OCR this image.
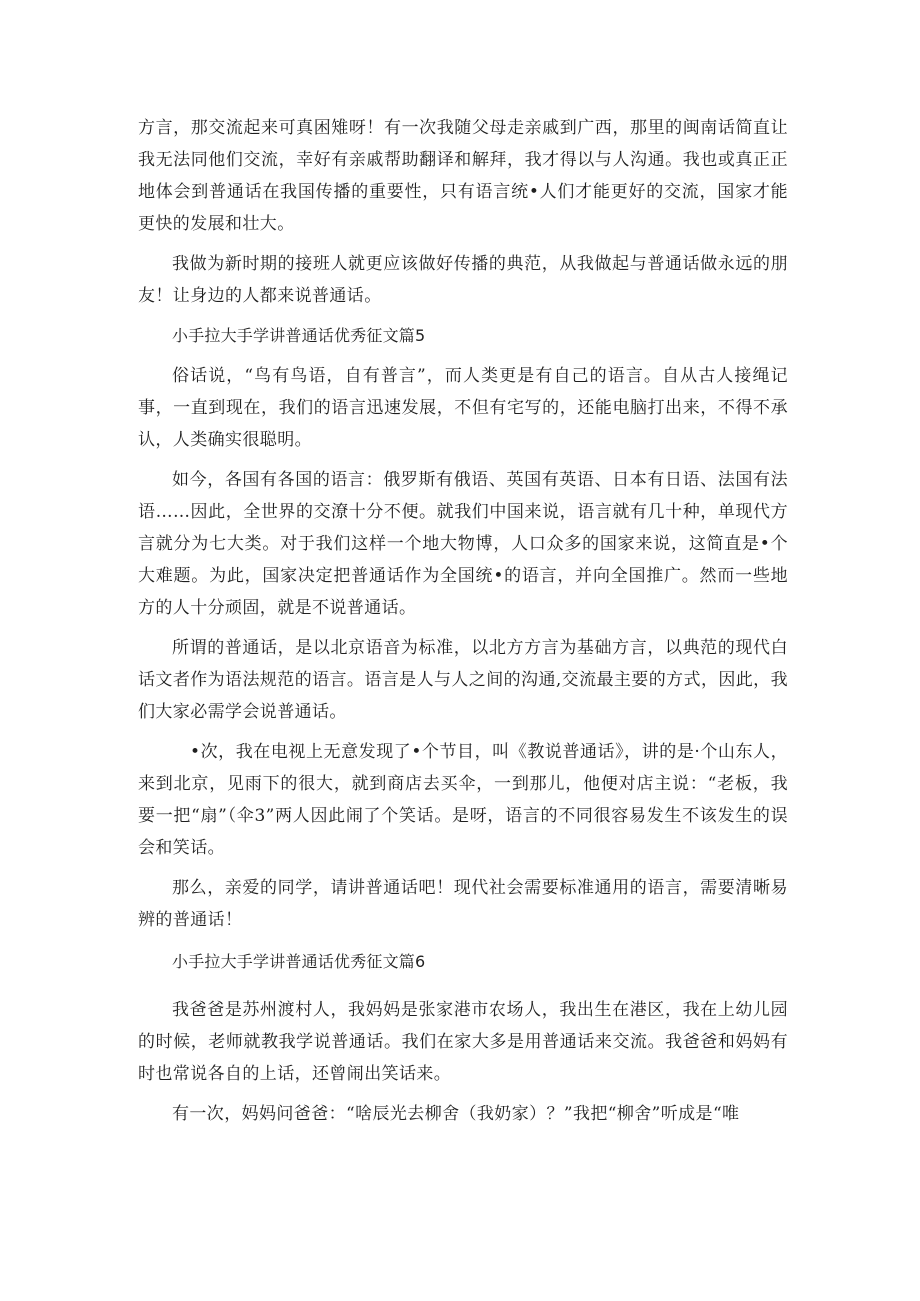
方言，那交流起来可真困雉呀！有一次我随父母走亲戚到广西，那里的闽南话简直让我无法同他们交流，幸好有亲戚帮助翻译和解拜，我才得以与人沟通。我也或真正正地体会到普通话在我国传播的重要性，只有语言统•人们才能更好的交流，国家才能更快的发展和壮大。

我做为新时期的接班人就更应该做好传播的典范，从我做起与普通话做永远的朋友！让身边的人都来说普通话。

小手拉大手学讲普通话优秀征文篇5

俗话说，“鸟有鸟语，自有普言”，而人类更是有自己的语言。自从古人接绳记事，一直到现在，我们的语言迅速发展，不但有宅写的，还能电脑打出来，不得不承认，人类确实很聪明。

如今，各国有各国的语言：俄罗斯有俄语、英国有英语、日本有日语、法国有法语……因此，全世界的交潦十分不便。就我们中国来说，语言就有几十种，单现代方言就分为七大类。对于我们这样一个地大物博，人口众多的国家来说，这简直是•个大难题。为此，国家决定把普通话作为全国统•的语言，并向全国推广。然而一些地方的人十分顽固，就是不说普通话。

所谓的普通话，是以北京语音为标准，以北方方言为基础方言，以典范的现代白话文者作为语法规范的语言。语言是人与人之间的沟通,交流最主要的方式，因此，我们大家必需学会说普通话。

•次，我在电视上无意发现了•个节目，叫《教说普通话》，讲的是·个山东人，来到北京，见雨下的很大，就到商店去买伞，一到那儿，他便对店主说：“老板，我要一把“扇”（伞3”两人因此闹了个笑话。是呀，语言的不同很容易发生不该发生的误会和笑话。

那么，亲爱的同学，请讲普通话吧！现代社会需要标准通用的语言，需要清晰易辨的普通话！

小手拉大手学讲普通话优秀征文篇6

我爸爸是苏州渡村人，我妈妈是张家港市农场人，我出生在港区，我在上幼儿园的时候，老师就教我学说普通话。我们在家大多是用普通话来交流。我爸爸和妈妈有时也常说各自的上话，还曾闹出笑话来。

有一次，妈妈问爸爸：“啥辰光去柳舍（我奶家）？”我把“柳舍”听成是“唯
